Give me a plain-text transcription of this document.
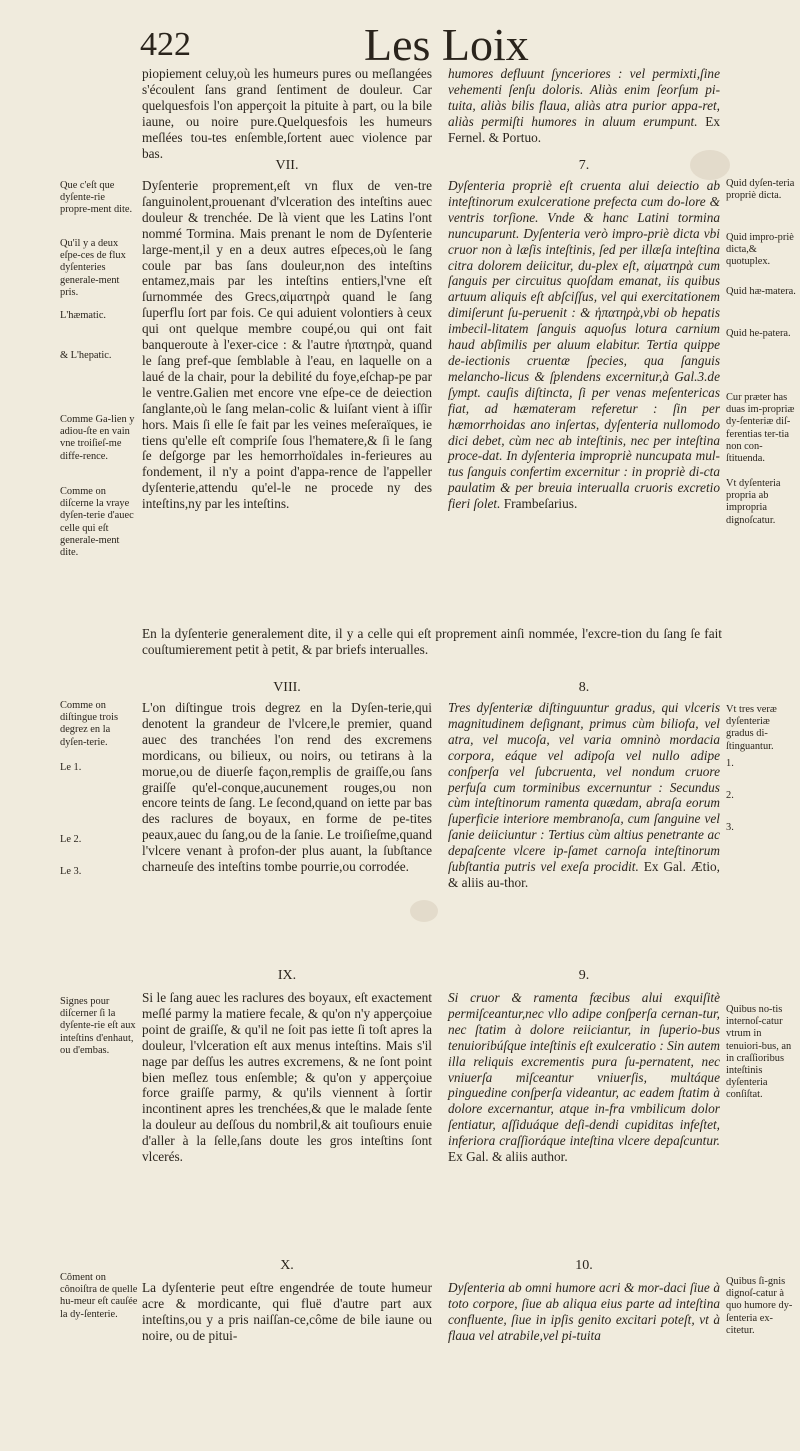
422	Les Loix
piopiement celuy,où les humeurs pures ou meſlangées s'écoulent ſans grand ſentiment de douleur. Car quelquesfois l'on apperçoit la pituite à part, ou la bile iaune, ou noire pure.Quelquesfois les humeurs meſlées tou-tes enſemble,ſortent auec violence par bas.
humores defluunt ſynceriores : vel permixti,ſine vehementi ſenſu doloris. Aliàs enim ſeorſum pi-tuita, aliàs bilis flaua, aliàs atra purior appa-ret, aliàs permiſti humores in aluum erumpunt. Ex Fernel. & Portuo.
VII.	7.
Dyſenterie proprement,eſt vn flux de ven-tre ſanguinolent,prouenant d'vlceration des inteſtins auec douleur & trenchée. De là vient que les Latins l'ont nommé Tormina. Mais prenant le nom de Dyſenterie large-ment,il y en a deux autres eſpeces,où le ſang coule par bas ſans douleur,non des inteſtins entamez,mais par les inteſtins entiers,l'vne eſt ſurnommée des Grecs,αἱματηρὰ quand le ſang ſuperflu ſort par fois. Ce qui aduient volontiers à ceux qui ont quelque membre coupé,ou qui ont fait banqueroute à l'exer-cice : & l'autre ἡπατηρὰ, quand le ſang pref-que ſemblable à l'eau, en laquelle on a laué de la chair, pour la debilité du foye,eſchap-pe par le ventre.Galien met encore vne eſpe-ce de deiection ſanglante,où le ſang melan-colic & luiſant vient à iſſir hors. Mais ſi elle ſe fait par les veines meſeraïques, ie tiens qu'elle eſt compriſe ſous l'hematere,& ſi le ſang ſe deſgorge par les hemorrhoïdales in-ferieures au fondement, il n'y a point d'appa-rence de l'appeller dyſenterie,attendu qu'el-le ne procede ny des inteſtins,ny par les inteſtins.
Dyſenteria propriè eſt cruenta alui deiectio ab inteſtinorum exulceratione prefecta cum do-lore & ventris torſione. Vnde & hanc Latini tormina nuncuparunt. Dyſenteria verò impro-priè dicta vbi cruor non à læſis inteſtinis, ſed per illæſa inteſtina citra dolorem deiicitur, du-plex eſt, αἱματηρὰ cum ſanguis per circuitus quoſdam emanat, iis quibus artuum aliquis eſt abſciſſus, vel qui exercitationem dimiſerunt ſu-peruenit : & ἡπατηρὰ,vbi ob hepatis imbecil-litatem ſanguis aquoſus lotura carnium haud abſimilis per aluum elabitur. Tertia quippe de-iectionis cruentæ ſpecies, qua ſanguis melancho-licus & ſplendens excernitur,à Gal.3.de ſympt. cauſis diſtincta, ſi per venas meſentericas fiat, ad hæmateram referetur : ſin per hæmorrhoidas ano inſertas, dyſenteria nullomodo dici debet, cùm nec ab inteſtinis, nec per inteſtina proce-dat. In dyſenteria impropriè nuncupata mul-tus ſanguis confertim excernitur : in propriè di-cta paulatim & per breuia interualla cruoris excretio fieri ſolet. Frambeſarius.
En la dyſenterie generalement dite, il y a celle qui eſt proprement ainſi nommée, l'excre-tion du ſang ſe fait couſtumierement petit à petit, & par briefs interualles.
VIII.	8.
L'on diſtingue trois degrez en la Dyſen-terie,qui denotent la grandeur de l'vlcere,le premier, quand auec des tranchées l'on rend des excremens mordicans, ou bilieux, ou noirs, ou tetirans à la morue,ou de diuerſe façon,remplis de graiſſe,ou ſans graiſſe qu'el-conque,aucunement rouges,ou non encore teints de ſang. Le ſecond,quand on iette par bas des raclures de boyaux, en forme de pe-tites peaux,auec du ſang,ou de la ſanie. Le troiſieſme,quand l'vlcere venant à profon-der plus auant, la ſubſtance charneuſe des inteſtins tombe pourrie,ou corrodée.
Tres dyſenteriæ diſtinguuntur gradus, qui vlceris magnitudinem deſignant, primus cùm biliofa, vel atra, vel mucoſa, vel varia omninò mordacia corpora, eáque vel adipoſa vel nullo adipe conſperſa vel ſubcruenta, vel nondum cruore perfuſa cum torminibus excernuntur : Secundus cùm inteſtinorum ramenta quædam, abraſa eorum ſuperficie interiore membranoſa, cum ſanguine vel ſanie deiiciuntur : Tertius cùm altius penetrante ac depaſcente vlcere ip-ſamet carnoſa inteſtinorum ſubſtantia putris vel exeſa procidit. Ex Gal. Ætio, & aliis au-thor.
IX.	9.
Si le ſang auec les raclures des boyaux, eſt exactement meſlé parmy la matiere fecale, & qu'on n'y apperçoiue point de graiſſe, & qu'il ne ſoit pas iette ſi toſt apres la douleur, l'vlceration eſt aux menus inteſtins. Mais s'il nage par deſſus les autres excremens, & ne ſont point bien meſlez tous enſemble; & qu'on y apperçoiue force graiſſe parmy, & qu'ils viennent à ſortir incontinent apres les trenchées,& que le malade ſente la douleur au deſſous du nombril,& ait touſiours enuie d'aller à la ſelle,ſans doute les gros inteſtins ſont vlcerés.
Si cruor & ramenta fæcibus alui exquiſitè permiſceantur,nec vllo adipe conſperſa cernan-tur, nec ſtatim à dolore reiiciantur, in ſuperio-bus tenuioribúſque inteſtinis eſt exulceratio : Sin autem illa reliquis excrementis pura ſu-pernatent, nec vniuerſa miſceantur vniuerſis, multáque pinguedine conſperſa videantur, ac eadem ſtatim à dolore excernantur, atque in-fra vmbilicum dolor ſentiatur, aſſiduáque deſi-dendi cupiditas infeſtet, inferiora craſſioráque inteſtina vlcere depaſcuntur. Ex Gal. & aliis author.
X.	10.
La dyſenterie peut eſtre engendrée de toute humeur acre & mordicante, qui fluë d'autre part aux inteſtins,ou y a pris naiſſan-ce,côme de bile iaune ou noire, ou de pitui-
Dyſenteria ab omni humore acri & mor-daci ſiue à toto corpore, ſiue ab aliqua eius parte ad inteſtina confluente, ſiue in ipſis genito excitari poteſt, vt à flaua vel atrabile,vel pi-tuita
Que c'eſt que dyſente-rie propre-ment dite.
Qu'il y a deux eſpe-ces de flux dyſenteries generale-ment pris.
L'hæmatic.
& L'hepatic.
Comme Ga-lien y adiou-ſte en vain vne troiſieſ-me diffe-rence.
Comme on diſcerne la vraye dyſen-terie d'auec celle qui eſt generale-ment dite.
Comme on diſtingue trois degrez en la dyſen-terie.
Le 1.
Le 2.
Le 3.
Signes pour diſcerner ſi la dyſente-rie eſt aux inteſtins d'enhaut, ou d'embas.
Côment on cônoiſtra de quelle hu-meur eſt cauſée la dy-ſenterie.
Quid dyſen-teria propriè dicta.
Quid impro-priè dicta,& quotuplex.
Quid hæ-matera.
Quid he-patera.
Cur præter has duas im-propriæ dy-ſenteriæ diſ-ferentias ter-tia non con-ſtituenda.
Vt dyſenteria propria ab impropria dignoſcatur.
Vt tres veræ dyſenteriæ gradus di-ſtinguantur.
1.
2.
3.
Quibus no-tis internoſ-catur vtrum in tenuiori-bus, an in craſſioribus inteſtinis dyſenteria conſiſtat.
Quibus ſi-gnis dignoſ-catur à quo humore dy-ſenteria ex-citetur.
